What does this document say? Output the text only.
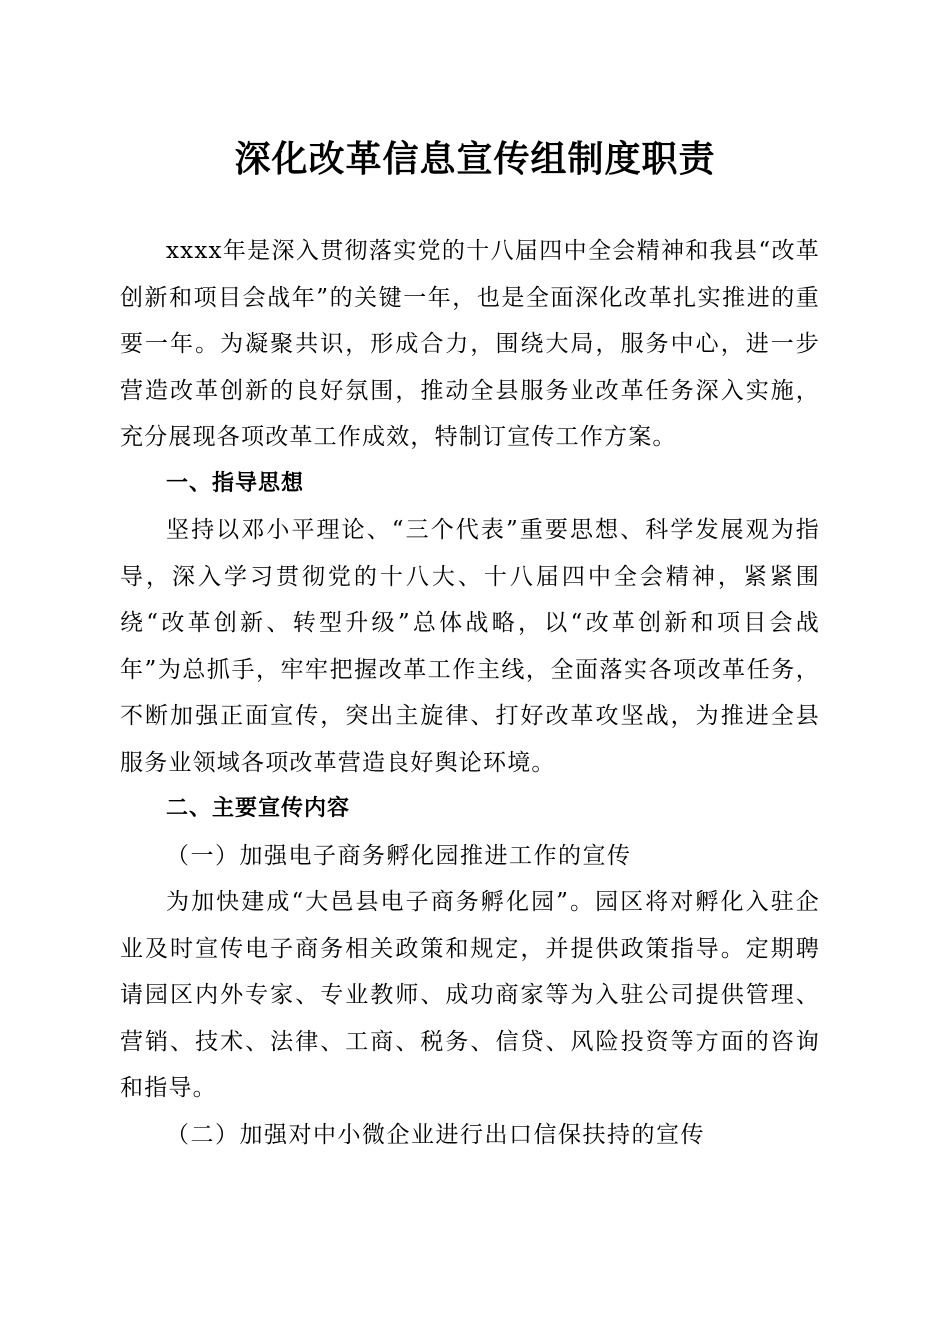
深化改革信息宣传组制度职责

xxxx年是深入贯彻落实党的十八届四中全会精神和我县“改革创新和项目会战年”的关键一年，也是全面深化改革扎实推进的重要一年。为凝聚共识，形成合力，围绕大局，服务中心，进一步营造改革创新的良好氛围，推动全县服务业改革任务深入实施，充分展现各项改革工作成效，特制订宣传工作方案。

一、指导思想

坚持以邓小平理论、“三个代表”重要思想、科学发展观为指导，深入学习贯彻党的十八大、十八届四中全会精神，紧紧围绕“改革创新、转型升级”总体战略，以“改革创新和项目会战年”为总抓手，牢牢把握改革工作主线，全面落实各项改革任务，不断加强正面宣传，突出主旋律、打好改革攻坚战，为推进全县服务业领域各项改革营造良好舆论环境。

二、主要宣传内容

（一）加强电子商务孵化园推进工作的宣传

为加快建成“大邑县电子商务孵化园”。园区将对孵化入驻企业及时宣传电子商务相关政策和规定，并提供政策指导。定期聘请园区内外专家、专业教师、成功商家等为入驻公司提供管理、营销、技术、法律、工商、税务、信贷、风险投资等方面的咨询和指导。

（二）加强对中小微企业进行出口信保扶持的宣传
